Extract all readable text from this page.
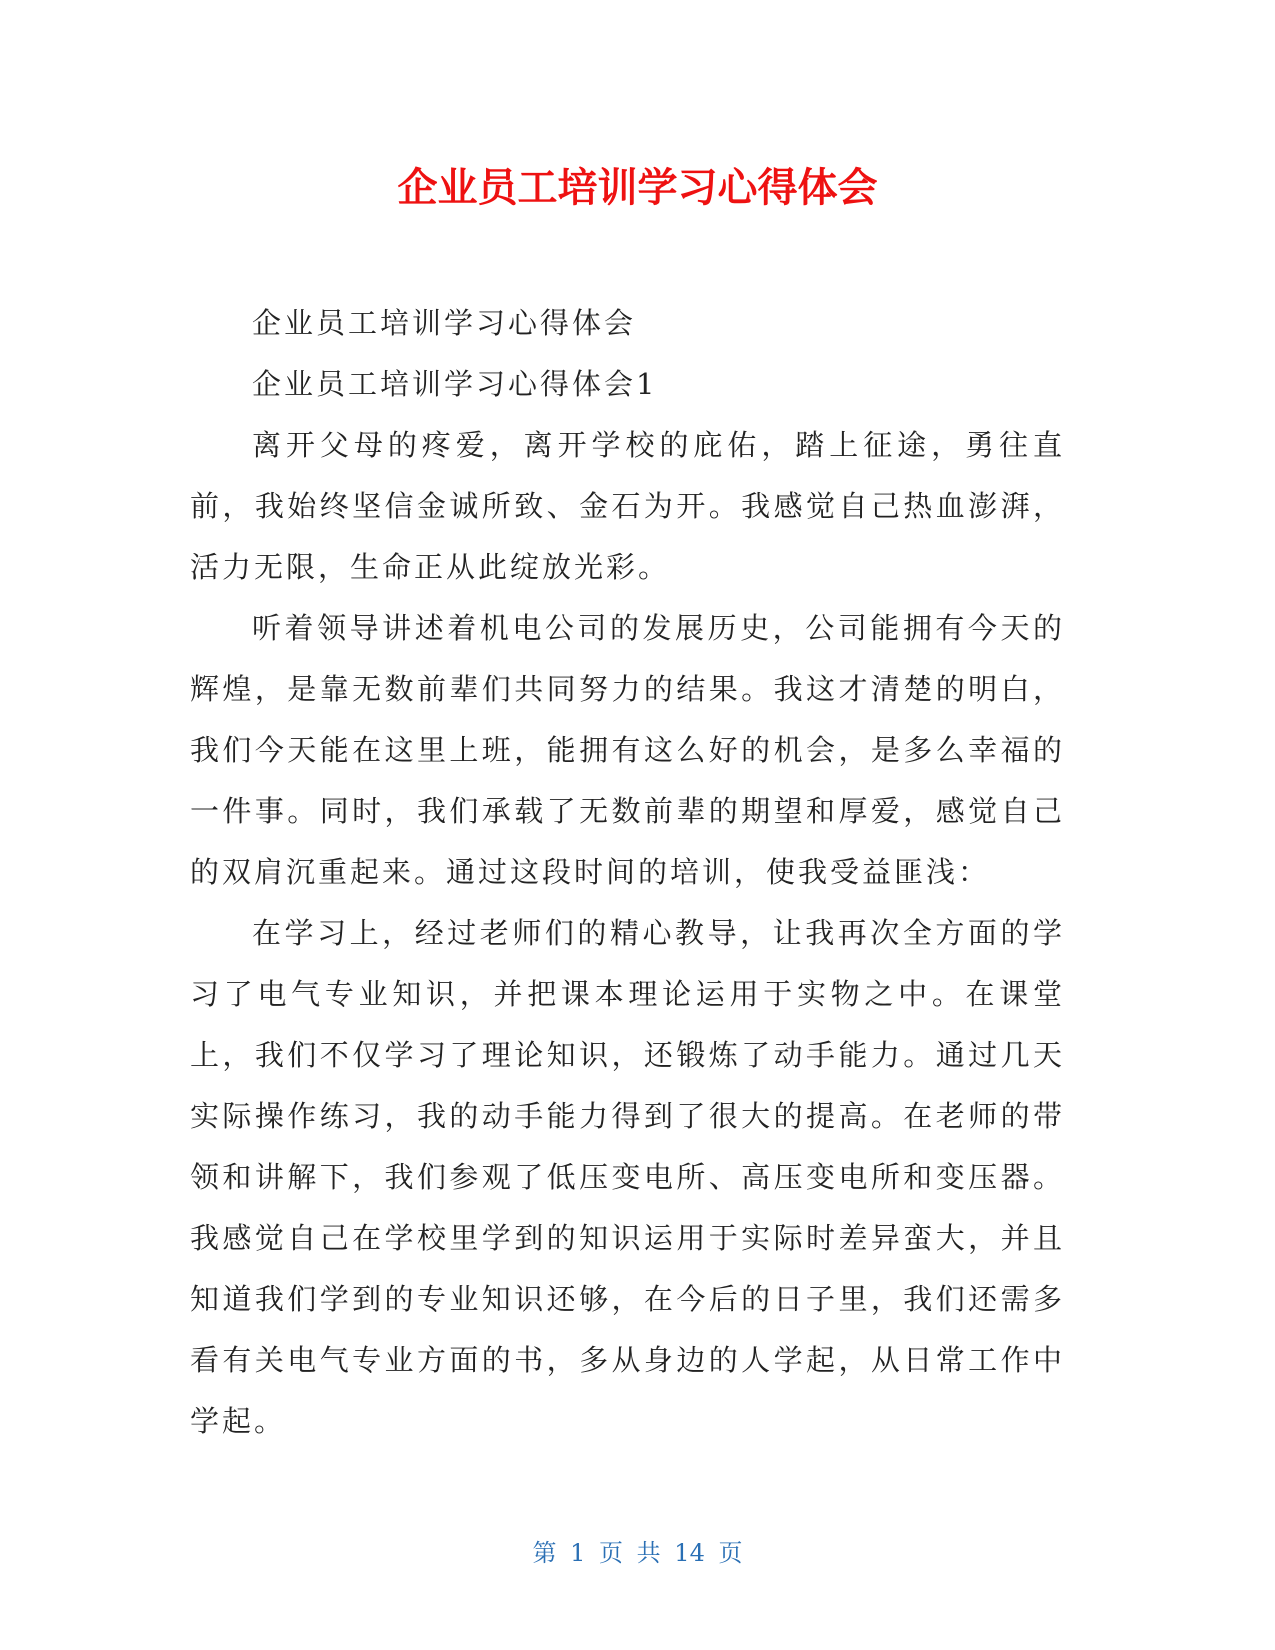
企业员工培训学习心得体会

企业员工培训学习心得体会

企业员工培训学习心得体会1

离开父母的疼爱，离开学校的庇佑，踏上征途，勇往直前，我始终坚信金诚所致、金石为开。我感觉自己热血澎湃，活力无限，生命正从此绽放光彩。

听着领导讲述着机电公司的发展历史，公司能拥有今天的辉煌，是靠无数前辈们共同努力的结果。我这才清楚的明白，我们今天能在这里上班，能拥有这么好的机会，是多么幸福的一件事。同时，我们承载了无数前辈的期望和厚爱，感觉自己的双肩沉重起来。通过这段时间的培训，使我受益匪浅：

在学习上，经过老师们的精心教导，让我再次全方面的学习了电气专业知识，并把课本理论运用于实物之中。在课堂上，我们不仅学习了理论知识，还锻炼了动手能力。通过几天实际操作练习，我的动手能力得到了很大的提高。在老师的带领和讲解下，我们参观了低压变电所、高压变电所和变压器。我感觉自己在学校里学到的知识运用于实际时差异蛮大，并且知道我们学到的专业知识还够，在今后的日子里，我们还需多看有关电气专业方面的书，多从身边的人学起，从日常工作中学起。

第 1 页 共 14 页
